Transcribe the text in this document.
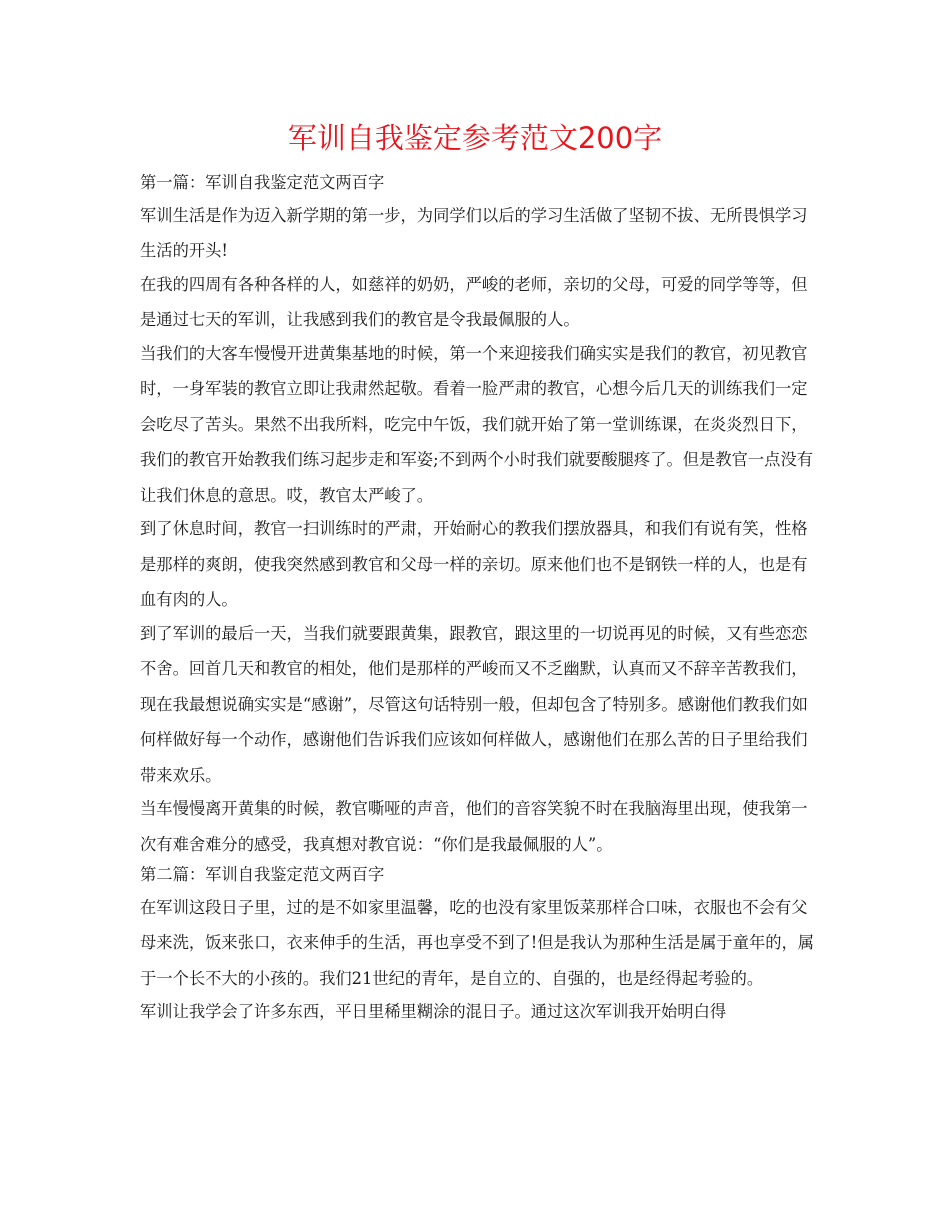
军训自我鉴定参考范文200字
第一篇：军训自我鉴定范文两百字

军训生活是作为迈入新学期的第一步，为同学们以后的学习生活做了坚韧不拔、无所畏惧学习生活的开头!

在我的四周有各种各样的人，如慈祥的奶奶，严峻的老师，亲切的父母，可爱的同学等等，但是通过七天的军训，让我感到我们的教官是令我最佩服的人。

当我们的大客车慢慢开进黄集基地的时候，第一个来迎接我们确实实是我们的教官，初见教官时，一身军装的教官立即让我肃然起敬。看着一脸严肃的教官，心想今后几天的训练我们一定会吃尽了苦头。果然不出我所料，吃完中午饭，我们就开始了第一堂训练课，在炎炎烈日下，我们的教官开始教我们练习起步走和军姿;不到两个小时我们就要酸腿疼了。但是教官一点没有让我们休息的意思。哎，教官太严峻了。

到了休息时间，教官一扫训练时的严肃，开始耐心的教我们摆放器具，和我们有说有笑，性格是那样的爽朗，使我突然感到教官和父母一样的亲切。原来他们也不是钢铁一样的人，也是有血有肉的人。

到了军训的最后一天，当我们就要跟黄集，跟教官，跟这里的一切说再见的时候，又有些恋恋不舍。回首几天和教官的相处，他们是那样的严峻而又不乏幽默，认真而又不辞辛苦教我们，现在我最想说确实实是“感谢”，尽管这句话特别一般，但却包含了特别多。感谢他们教我们如何样做好每一个动作，感谢他们告诉我们应该如何样做人，感谢他们在那么苦的日子里给我们带来欢乐。

当车慢慢离开黄集的时候，教官嘶哑的声音，他们的音容笑貌不时在我脑海里出现，使我第一次有难舍难分的感受，我真想对教官说：“你们是我最佩服的人”。

第二篇：军训自我鉴定范文两百字

在军训这段日子里，过的是不如家里温馨，吃的也没有家里饭菜那样合口味，衣服也不会有父母来洗，饭来张口，衣来伸手的生活，再也享受不到了!但是我认为那种生活是属于童年的，属于一个长不大的小孩的。我们21世纪的青年，是自立的、自强的，也是经得起考验的。

军训让我学会了许多东西，平日里稀里糊涂的混日子。通过这次军训我开始明白得
